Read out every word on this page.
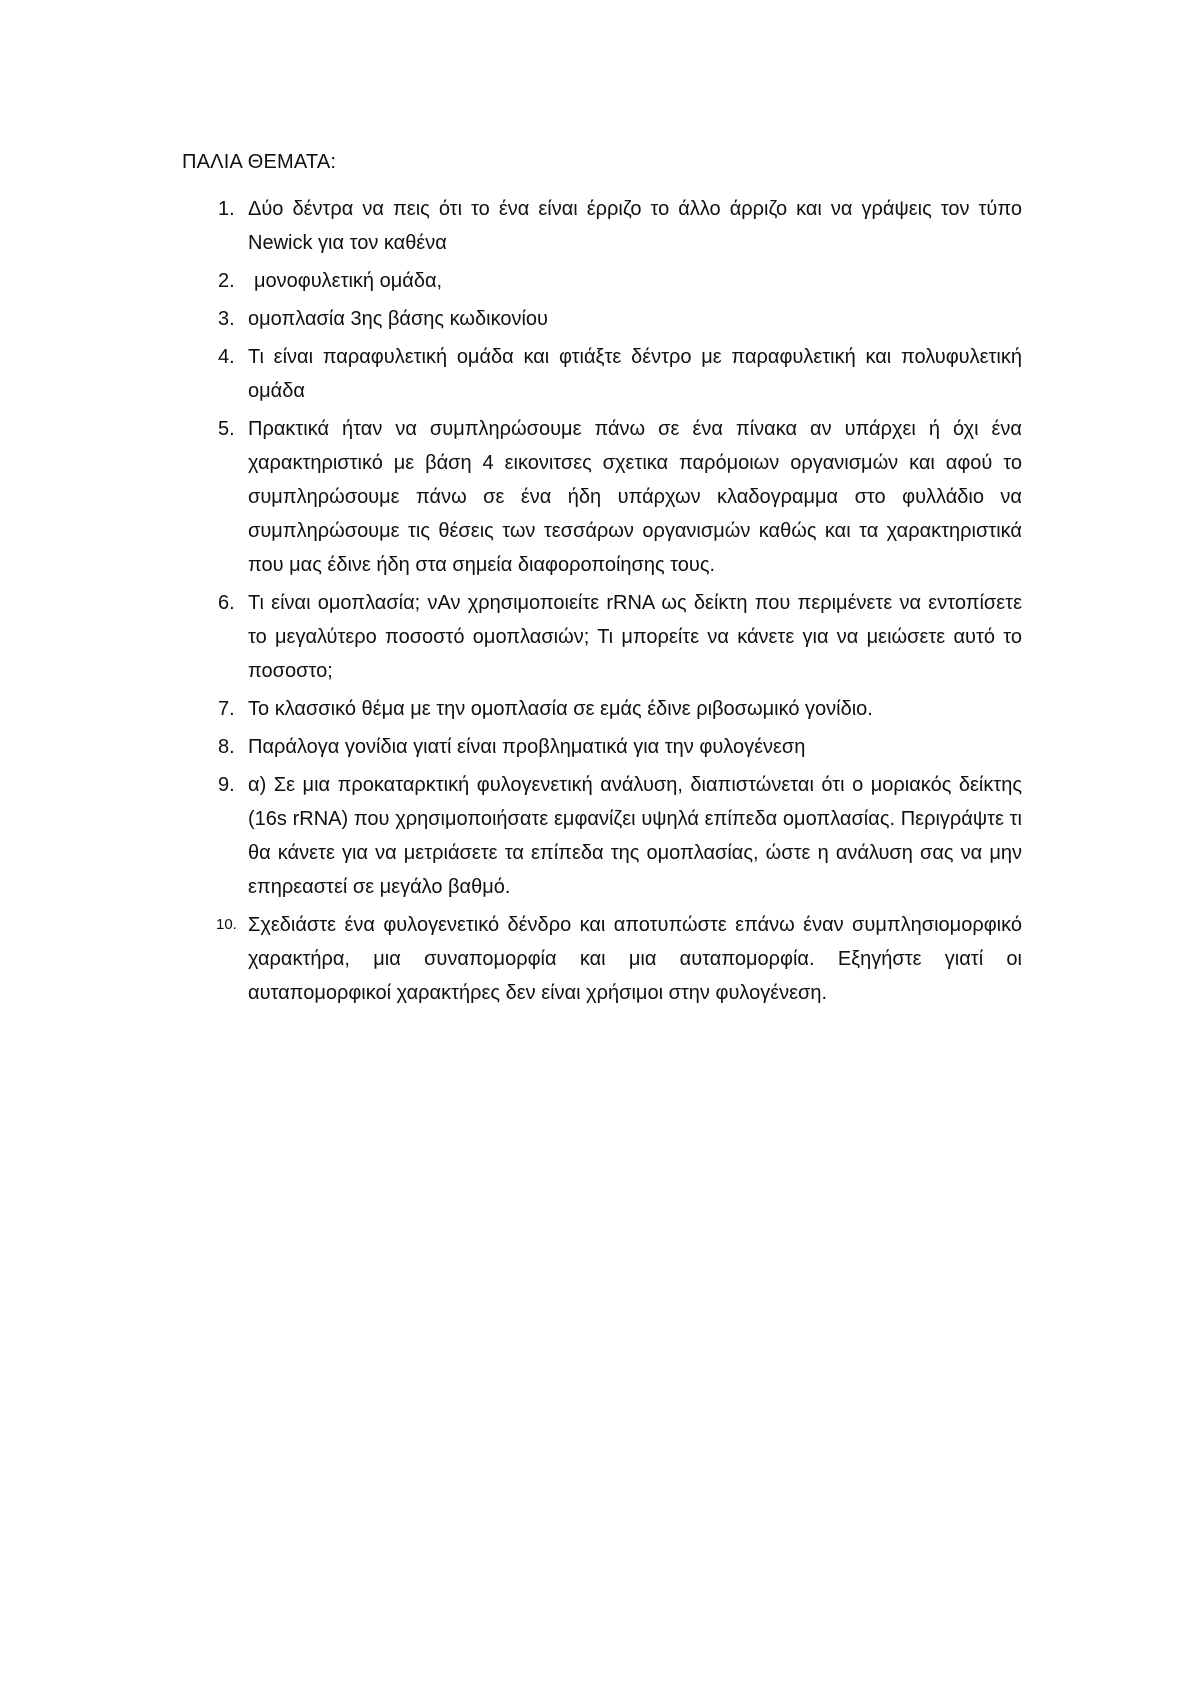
ΠΑΛΙΑ ΘΕΜΑΤΑ:
1. Δύο δέντρα να πεις ότι το ένα είναι έρριζο το άλλο άρριζο και να γράψεις τον τύπο Newick για τον καθένα
2. μονοφυλετική ομάδα,
3. ομοπλασία 3ης βάσης κωδικονίου
4. Τι είναι παραφυλετική ομάδα και φτιάξτε δέντρο με παραφυλετική και πολυφυλετική ομάδα
5. Πρακτικά ήταν να συμπληρώσουμε πάνω σε ένα πίνακα αν υπάρχει ή όχι ένα χαρακτηριστικό με βάση 4 εικονιτσες σχετικα παρόμοιων οργανισμών και αφού το συμπληρώσουμε πάνω σε ένα ήδη υπάρχων κλαδογραμμα στο φυλλάδιο να συμπληρώσουμε τις θέσεις των τεσσάρων οργανισμών καθώς και τα χαρακτηριστικά που μας έδινε ήδη στα σημεία διαφοροποίησης τους.
6. Τι είναι ομοπλασία; νΑν χρησιμοποιείτε rRNA ως δείκτη που περιμένετε να εντοπίσετε το μεγαλύτερο ποσοστό ομοπλασιών; Τι μπορείτε να κάνετε για να μειώσετε αυτό το ποσοστο;
7. Το κλασσικό θέμα με την ομοπλασία σε εμάς έδινε ριβοσωμικό γονίδιο.
8. Παράλογα γονίδια γιατί είναι προβληματικά για την φυλογένεση
9. α) Σε μια προκαταρκτική φυλογενετική ανάλυση, διαπιστώνεται ότι ο μοριακός δείκτης (16s rRNA) που χρησιμοποιήσατε εμφανίζει υψηλά επίπεδα ομοπλασίας. Περιγράψτε τι θα κάνετε για να μετριάσετε τα επίπεδα της ομοπλασίας, ώστε η ανάλυση σας να μην επηρεαστεί σε μεγάλο βαθμό.
10. Σχεδιάστε ένα φυλογενετικό δένδρο και αποτυπώστε επάνω έναν συμπλησιομορφικό χαρακτήρα, μια συναπομορφία και μια αυταπομορφία. Εξηγήστε γιατί οι αυταπομορφικοί χαρακτήρες δεν είναι χρήσιμοι στην φυλογένεση.
